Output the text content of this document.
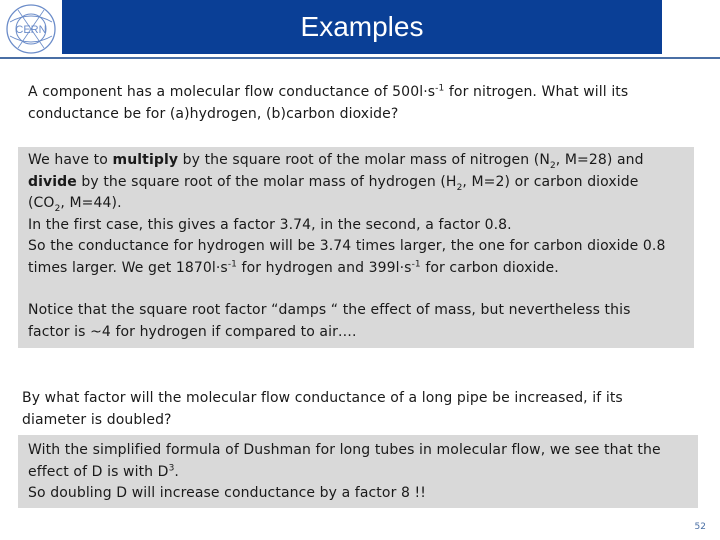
CERN	Examples
A component has a molecular flow conductance of $500l\cdot s^{-1}$ for nitrogen. What will its
conductance be for (a)hydrogen, (b)carbon dioxide?
We have to multiply by the square root of the molar mass of nitrogen ($N_2$, M=28) and
divide by the square root of the molar mass of hydrogen ($H_2$, M=2) or carbon dioxide
($CO_2$, M=44).
In the first case, this gives a factor 3.74, in the second, a factor 0.8.
So the conductance for hydrogen will be 3.74 times larger, the one for carbon dioxide 0.8
times larger. We get $1870l\cdot s^{-1}$ for hydrogen and $399l\cdot s^{-1}$ for carbon dioxide.
Notice that the square root factor “damps “ the effect of mass, but nevertheless this
factor is ~4 for hydrogen if compared to air….
By what factor will the molecular flow conductance of a long pipe be increased, if its
diameter is doubled?
With the simplified formula of Dushman for long tubes in molecular flow, we see that the
effect of D is with $D^3$.
So doubling D will increase conductance by a factor 8 !!
52
